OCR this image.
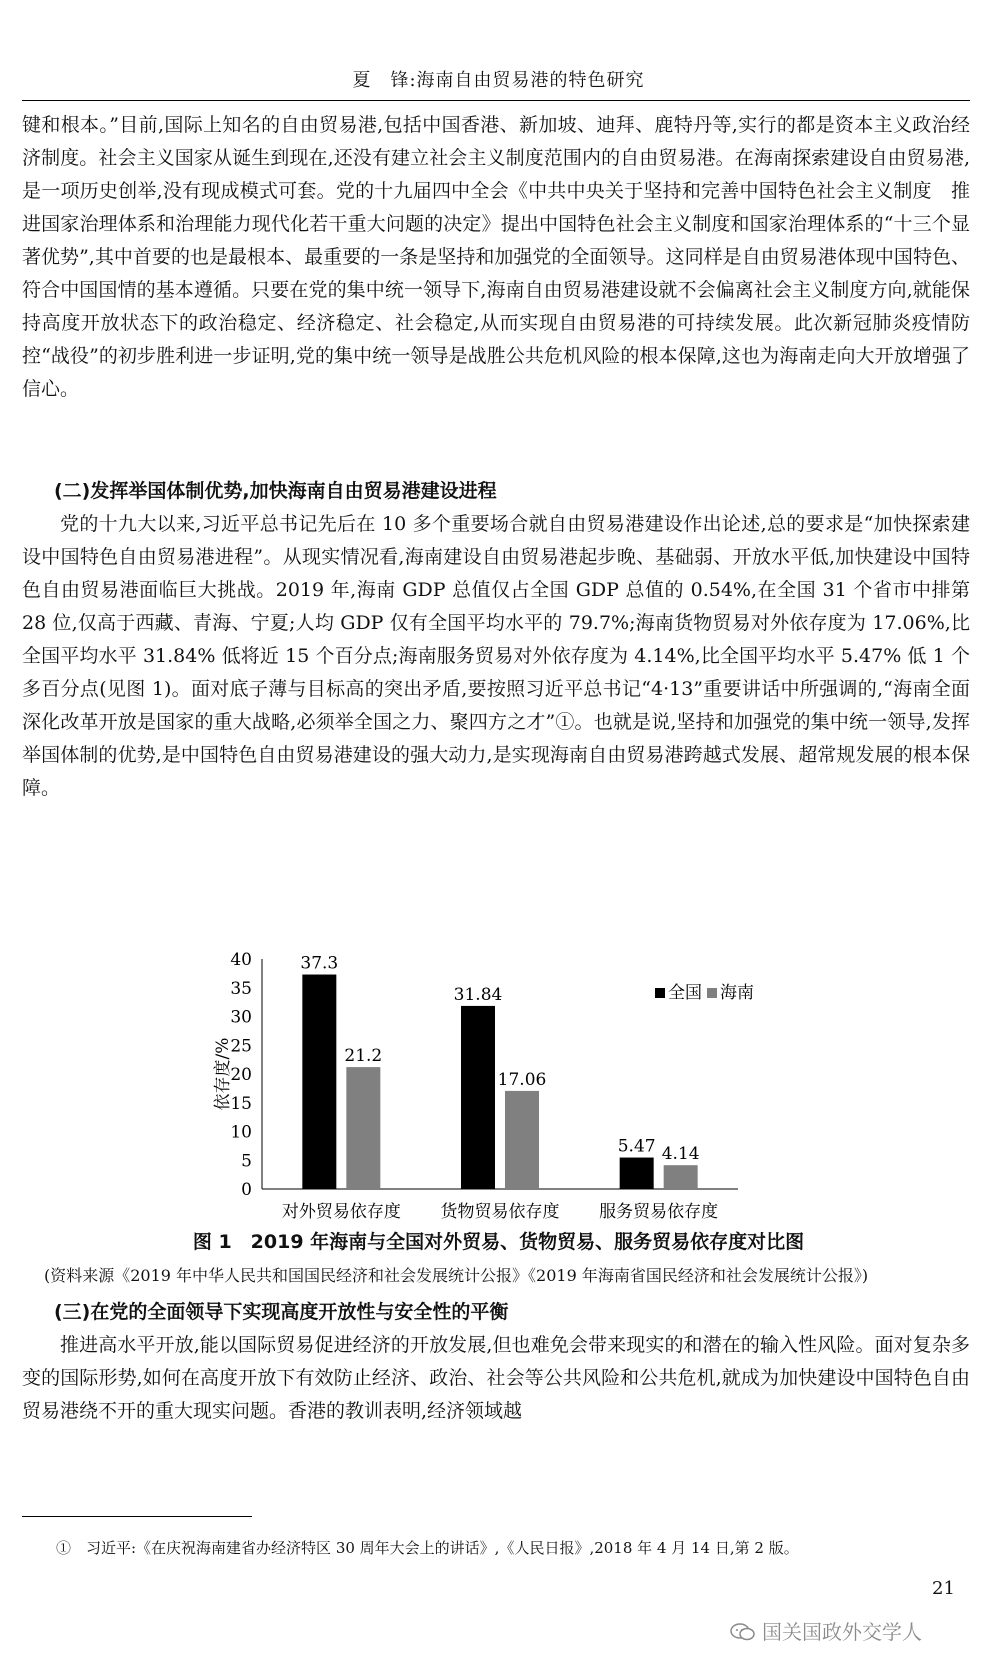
夏　锋:海南自由贸易港的特色研究

键和根本。”目前,国际上知名的自由贸易港,包括中国香港、新加坡、迪拜、鹿特丹等,实行的都是资本主义政治经济制度。社会主义国家从诞生到现在,还没有建立社会主义制度范围内的自由贸易港。在海南探索建设自由贸易港,是一项历史创举,没有现成模式可套。党的十九届四中全会《中共中央关于坚持和完善中国特色社会主义制度　推进国家治理体系和治理能力现代化若干重大问题的决定》提出中国特色社会主义制度和国家治理体系的“十三个显著优势”,其中首要的也是最根本、最重要的一条是坚持和加强党的全面领导。这同样是自由贸易港体现中国特色、符合中国国情的基本遵循。只要在党的集中统一领导下,海南自由贸易港建设就不会偏离社会主义制度方向,就能保持高度开放状态下的政治稳定、经济稳定、社会稳定,从而实现自由贸易港的可持续发展。此次新冠肺炎疫情防控“战役”的初步胜利进一步证明,党的集中统一领导是战胜公共危机风险的根本保障,这也为海南走向大开放增强了信心。

(二)发挥举国体制优势,加快海南自由贸易港建设进程

党的十九大以来,习近平总书记先后在 10 多个重要场合就自由贸易港建设作出论述,总的要求是“加快探索建设中国特色自由贸易港进程”。从现实情况看,海南建设自由贸易港起步晚、基础弱、开放水平低,加快建设中国特色自由贸易港面临巨大挑战。2019 年,海南 GDP 总值仅占全国 GDP 总值的 0.54%,在全国 31 个省市中排第 28 位,仅高于西藏、青海、宁夏;人均 GDP 仅有全国平均水平的 79.7%;海南货物贸易对外依存度为 17.06%,比全国平均水平 31.84% 低将近 15 个百分点;海南服务贸易对外依存度为 4.14%,比全国平均水平 5.47% 低 1 个多百分点(见图 1)。面对底子薄与目标高的突出矛盾,要按照习近平总书记“4·13”重要讲话中所强调的,“海南全面深化改革开放是国家的重大战略,必须举全国之力、聚四方之才”①。也就是说,坚持和加强党的集中统一领导,发挥举国体制的优势,是中国特色自由贸易港建设的强大动力,是实现海南自由贸易港跨越式发展、超常规发展的根本保障。

0
5
10
15
20
25
30
35
40
依存度/%
对外贸易依存度
37.3
21.2
货物贸易依存度
31.84
17.06
服务贸易依存度
5.47 4.14
全国 海南
图 1　2019 年海南与全国对外贸易、货物贸易、服务贸易依存度对比图
(资料来源《2019 年中华人民共和国国民经济和社会发展统计公报》《2019 年海南省国民经济和社会发展统计公报》)
(三)在党的全面领导下实现高度开放性与安全性的平衡

推进高水平开放,能以国际贸易促进经济的开放发展,但也难免会带来现实的和潜在的输入性风险。面对复杂多变的国际形势,如何在高度开放下有效防止经济、政治、社会等公共风险和公共危机,就成为加快建设中国特色自由贸易港绕不开的重大现实问题。香港的教训表明,经济领域越

①　习近平:《在庆祝海南建省办经济特区 30 周年大会上的讲话》,《人民日报》,2018 年 4 月 14 日,第 2 版。
21
国关国政外交学人
